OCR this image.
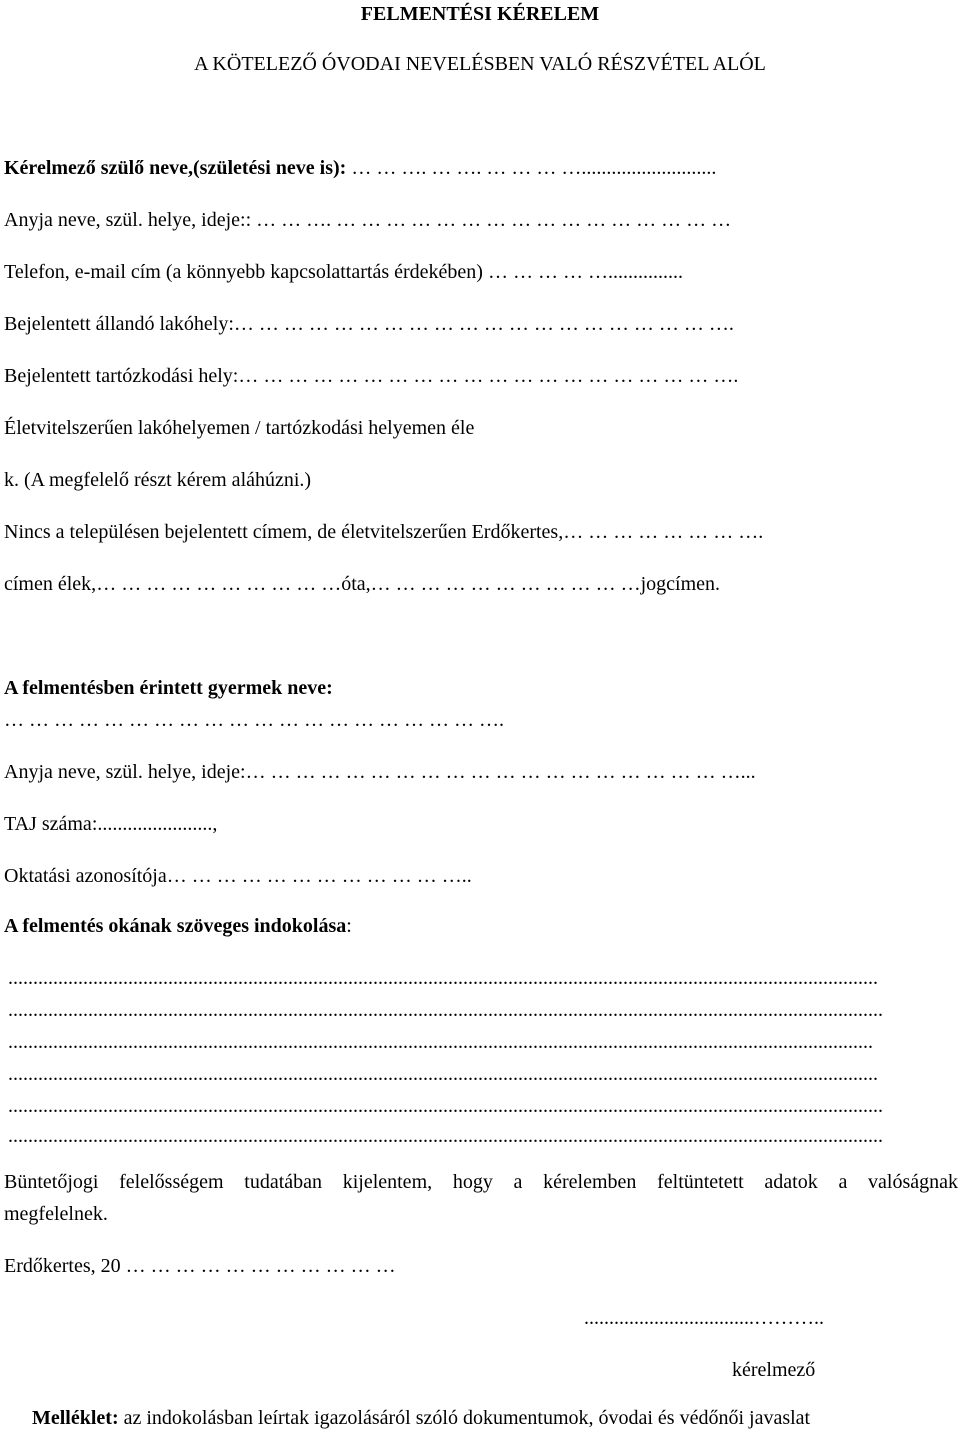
FELMENTÉSI KÉRELEM
A KÖTELEZŐ ÓVODAI NEVELÉSBEN VALÓ RÉSZVÉTEL ALÓL
Kérelmező szülő neve,(születési neve is): … … …. … …. … … … …...........................
Anyja neve, szül. helye, ideje:: … … …. … … … … … … … … … … … … … … … …
Telefon, e-mail cím (a könnyebb kapcsolattartás érdekében) … … … … …...............
Bejelentett állandó lakóhely:… … … … … … … … … … … … … … … … … … … ….
Bejelentett tartózkodási hely:… … … … … … … … … … … … … … … … … … … ….
Életvitelszerűen lakóhelyemen / tartózkodási helyemen éle
k. (A megfelelő részt kérem aláhúzni.)
Nincs a településen bejelentett címem, de életvitelszerűen Erdőkertes,… … … … … … … ….
címen élek,… … … … … … … … … …óta,… … … … … … … … … … …jogcímen.
A felmentésben érintett gyermek neve:
… … … … … … … … … … … … … … … … … … … ….
Anyja neve, szül. helye, ideje:… … … … … … … … … … … … … … … … … … … …...
TAJ száma:.......................,
Oktatási azonosítója… … … … … … … … … … … …..
A felmentés okának szöveges indokolása:
..............................................................................................................................................................................
...............................................................................................................................................................................
.............................................................................................................................................................................
..............................................................................................................................................................................
...............................................................................................................................................................................
...............................................................................................................................................................................
Büntetőjogi felelősségem tudatában kijelentem, hogy a kérelemben feltüntetett adatok a valóságnak
megfelelnek.
Erdőkertes, 20 … … … … … … … … … … …
..................................………..
kérelmező
Melléklet: az indokolásban leírtak igazolásáról szóló dokumentumok, óvodai és védőnői javaslat
